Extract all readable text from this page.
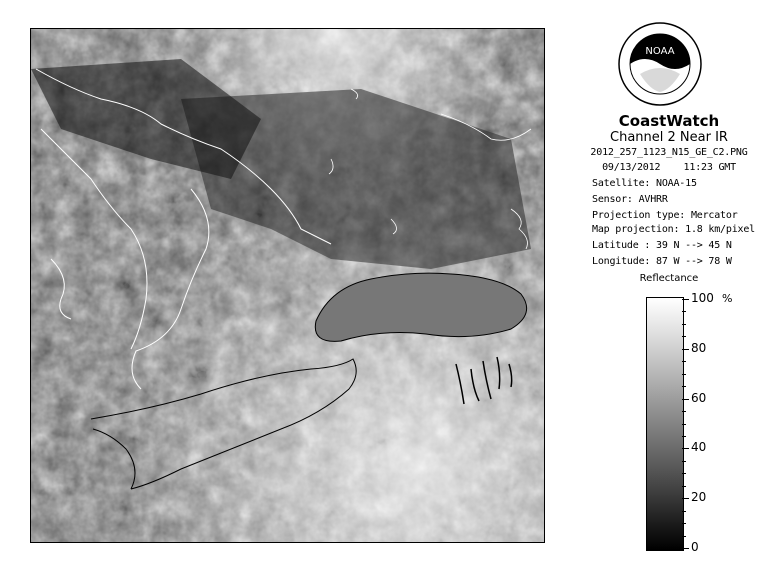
NOAA
CoastWatch
Channel 2 Near IR
2012_257_1123_N15_GE_C2.PNG
09/13/2012    11:23 GMT
Satellite: NOAA-15
Sensor: AVHRR
Projection type: Mercator
Map projection: 1.8 km/pixel
Latitude : 39 N --> 45 N
Longitude: 87 W --> 78 W
Reflectance
%
100
80
60
40
20
0
